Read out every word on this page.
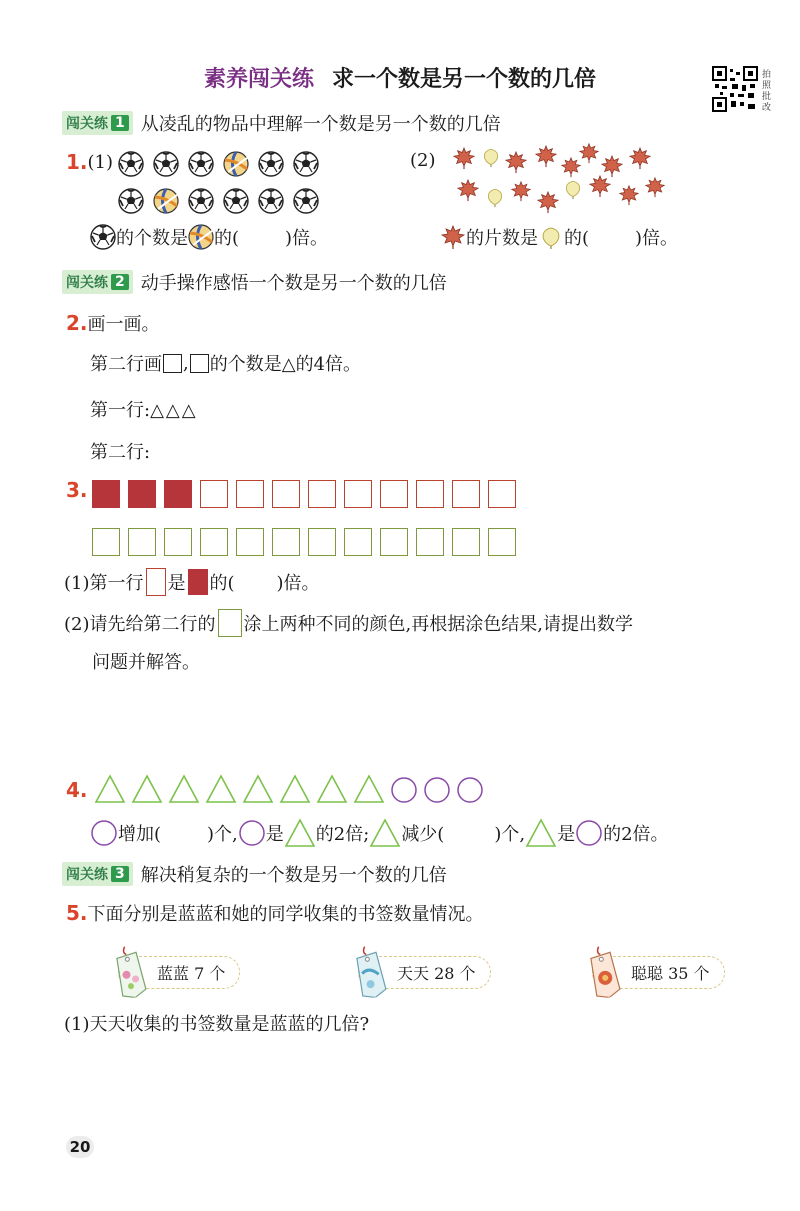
素养闯关练 求一个数是另一个数的几倍	拍照批改
闯关练 1 从凌乱的物品中理解一个数是另一个数的几倍
1. (1)	(2)
的个数是 的(	)倍。	的片数是 的(	)倍。
闯关练 2 动手操作感悟一个数是另一个数的几倍
2. 画一画。
第二行画 , 的个数是△的4倍。
第一行:△△△
第二行:
3.
(1)第一行 是 的( )倍。
(2)请先给第二行的 涂上两种不同的颜色,再根据涂色结果,请提出数学
问题并解答。
4.
增加(	)个, 是 的2倍; 减少(	)个, 是 的2倍。
闯关练 3 解决稍复杂的一个数是另一个数的几倍
5. 下面分别是蓝蓝和她的同学收集的书签数量情况。
蓝蓝 7 个	天天 28 个	聪聪 35 个
(1)天天收集的书签数量是蓝蓝的几倍?
20
